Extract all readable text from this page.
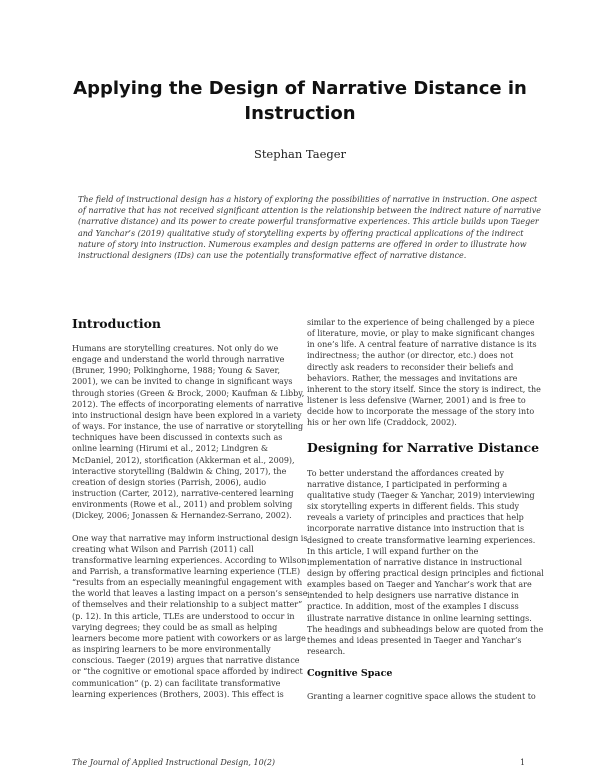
Applying the Design of Narrative Distance in
Instruction
Stephan Taeger
The field of instructional design has a history of exploring the possibilities of narrative in instruction. One aspect
of narrative that has not received significant attention is the relationship between the indirect nature of narrative
(narrative distance) and its power to create powerful transformative experiences. This article builds upon Taeger
and Yanchar’s (2019) qualitative study of storytelling experts by offering practical applications of the indirect
nature of story into instruction. Numerous examples and design patterns are offered in order to illustrate how
instructional designers (IDs) can use the potentially transformative effect of narrative distance.
Introduction
Humans are storytelling creatures. Not only do we
engage and understand the world through narrative
(Bruner, 1990; Polkinghorne, 1988; Young & Saver,
2001), we can be invited to change in significant ways
through stories (Green & Brock, 2000; Kaufman & Libby,
2012). The effects of incorporating elements of narrative
into instructional design have been explored in a variety
of ways. For instance, the use of narrative or storytelling
techniques have been discussed in contexts such as
online learning (Hirumi et al., 2012; Lindgren &
McDaniel, 2012), storification (Akkerman et al., 2009),
interactive storytelling (Baldwin & Ching, 2017), the
creation of design stories (Parrish, 2006), audio
instruction (Carter, 2012), narrative-centered learning
environments (Rowe et al., 2011) and problem solving
(Dickey, 2006; Jonassen & Hernandez-Serrano, 2002).
One way that narrative may inform instructional design is
creating what Wilson and Parrish (2011) call
transformative learning experiences. According to Wilson
and Parrish, a transformative learning experience (TLE)
“results from an especially meaningful engagement with
the world that leaves a lasting impact on a person’s sense
of themselves and their relationship to a subject matter”
(p. 12). In this article, TLEs are understood to occur in
varying degrees; they could be as small as helping
learners become more patient with coworkers or as large
as inspiring learners to be more environmentally
conscious. Taeger (2019) argues that narrative distance
or “the cognitive or emotional space afforded by indirect
communication” (p. 2) can facilitate transformative
learning experiences (Brothers, 2003). This effect is
similar to the experience of being challenged by a piece
of literature, movie, or play to make significant changes
in one’s life. A central feature of narrative distance is its
indirectness; the author (or director, etc.) does not
directly ask readers to reconsider their beliefs and
behaviors. Rather, the messages and invitations are
inherent to the story itself. Since the story is indirect, the
listener is less defensive (Warner, 2001) and is free to
decide how to incorporate the message of the story into
his or her own life (Craddock, 2002).
Designing for Narrative Distance
To better understand the affordances created by
narrative distance, I participated in performing a
qualitative study (Taeger & Yanchar, 2019) interviewing
six storytelling experts in different fields. This study
reveals a variety of principles and practices that help
incorporate narrative distance into instruction that is
designed to create transformative learning experiences.
In this article, I will expand further on the
implementation of narrative distance in instructional
design by offering practical design principles and fictional
examples based on Taeger and Yanchar’s work that are
intended to help designers use narrative distance in
practice. In addition, most of the examples I discuss
illustrate narrative distance in online learning settings.
The headings and subheadings below are quoted from the
themes and ideas presented in Taeger and Yanchar’s
research.
Cognitive Space
Granting a learner cognitive space allows the student to
The Journal of Applied Instructional Design, 10(2)	1
